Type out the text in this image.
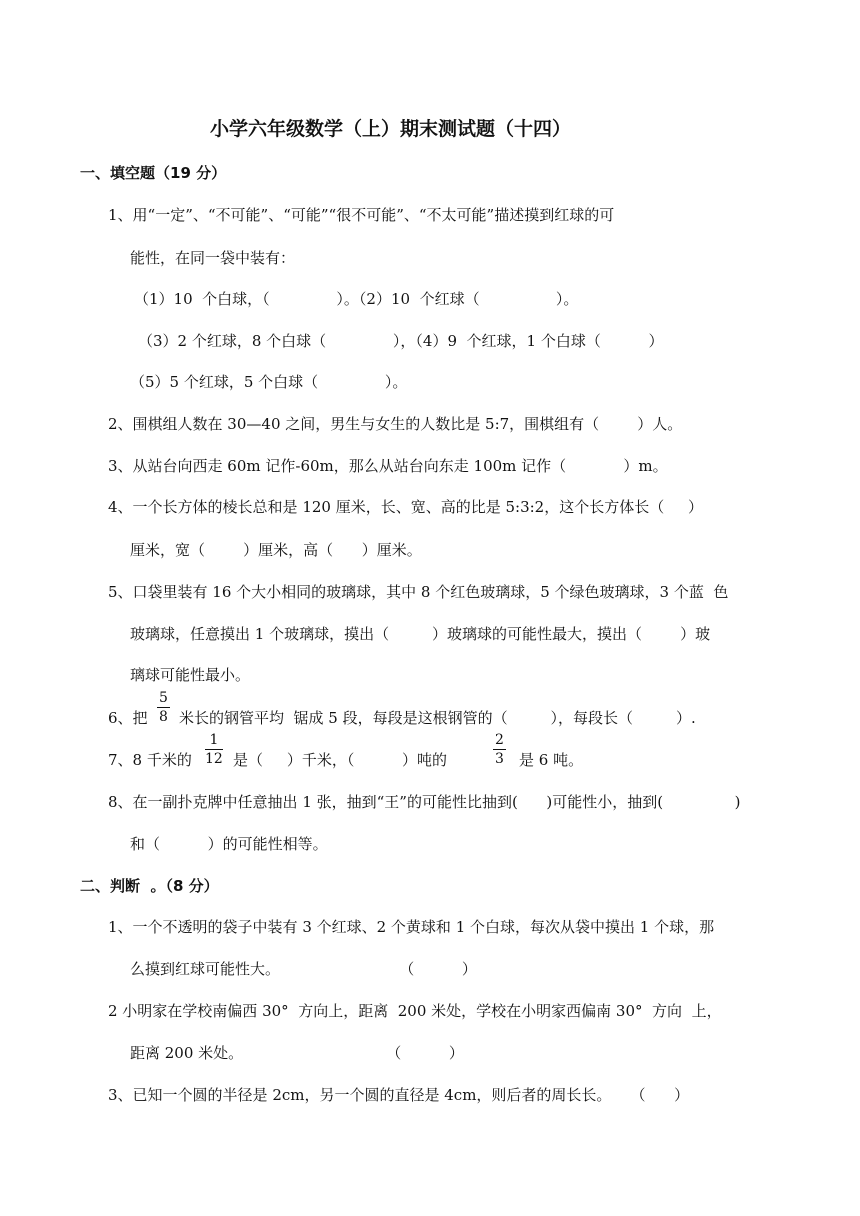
小学六年级数学（上）期末测试题（十四）
一、填空题（19 分）
1、用“一定”、“不可能”、“可能”“很不可能”、“不太可能”描述摸到红球的可
能性，在同一袋中装有：
（1）10  个白球，（              ）。（2）10  个红球（                ）。
（3）2 个红球，8 个白球（              ），（4）9  个红球，1 个白球（          ）
（5）5 个红球，5 个白球（              ）。
2、围棋组人数在 30—40 之间，男生与女生的人数比是 5:7，围棋组有（        ）人。
3、从站台向西走 60m 记作-60m，那么从站台向东走 100m 记作（            ）m。
4、一个长方体的棱长总和是 120 厘米，长、宽、高的比是 5:3:2，这个长方体长（     ）
厘米，宽（        ）厘米，高（      ）厘米。
5、口袋里装有 16 个大小相同的玻璃球，其中 8 个红色玻璃球，5 个绿色玻璃球，3 个蓝  色
玻璃球，任意摸出 1 个玻璃球，摸出（         ）玻璃球的可能性最大，摸出（        ）玻
璃球可能性最小。
6、把
5
8 米长的钢管平均  锯成 5 段，每段是这根钢管的（         ），每段长（         ）.
7、8 千米的
1
12 是（     ）千米，（          ）吨的
2
3 是 6 吨。
8、在一副扑克牌中任意抽出 1 张，抽到“王”的可能性比抽到(      )可能性小，抽到(               )
和（          ）的可能性相等。
二、判断  。（8 分）
1、一个不透明的袋子中装有 3 个红球、2 个黄球和 1 个白球，每次从袋中摸出 1 个球，那
么摸到红球可能性大。                         （          ）
2 小明家在学校南偏西 30°  方向上，距离  200 米处，学校在小明家西偏南 30°  方向  上，
距离 200 米处。                              （          ）
3、已知一个圆的半径是 2cm，另一个圆的直径是 4cm，则后者的周长长。    （      ）
